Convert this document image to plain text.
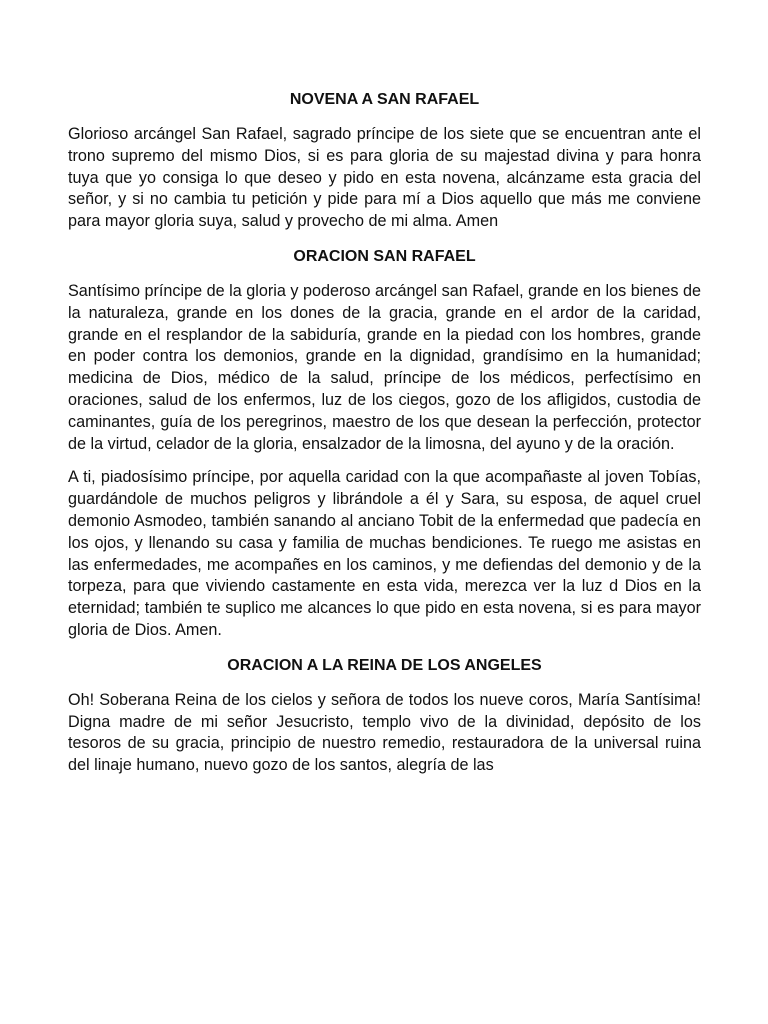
NOVENA A SAN RAFAEL

Glorioso arcángel San Rafael, sagrado príncipe de los siete que se encuentran ante el trono supremo del mismo Dios, si es para gloria de su majestad divina y para honra tuya que yo consiga lo que deseo y pido en esta novena, alcánzame esta gracia del señor, y si no cambia tu petición y pide para mí a Dios aquello que más me conviene para mayor gloria suya, salud y provecho de mi alma. Amen

ORACION SAN RAFAEL

Santísimo príncipe de la gloria y poderoso arcángel san Rafael, grande en los bienes de la naturaleza, grande en los dones de la gracia, grande en el ardor de la caridad, grande en el resplandor de la sabiduría, grande en la piedad con los hombres, grande en poder contra los demonios, grande en la dignidad, grandísimo en la humanidad; medicina de Dios, médico de la salud, príncipe de los médicos, perfectísimo en oraciones, salud de los enfermos, luz de los ciegos, gozo de los afligidos, custodia de caminantes, guía de los peregrinos, maestro de los que desean la perfección, protector de la virtud, celador de la gloria, ensalzador de la limosna, del ayuno y de la oración.

A ti, piadosísimo príncipe, por aquella caridad con la que acompañaste al joven Tobías, guardándole de muchos peligros y librándole a él y Sara, su esposa, de aquel cruel demonio Asmodeo, también sanando al anciano Tobit de la enfermedad que padecía en los ojos, y llenando su casa y familia de muchas bendiciones. Te ruego me asistas en las enfermedades, me acompañes en los caminos, y me defiendas del demonio y de la torpeza, para que viviendo castamente en esta vida, merezca ver la luz d Dios en la eternidad; también te suplico me alcances lo que pido en esta novena, si es para mayor gloria de Dios. Amen.

ORACION A LA REINA DE LOS ANGELES

Oh! Soberana Reina de los cielos y señora de todos los nueve coros, María Santísima! Digna madre de mi señor Jesucristo, templo vivo de la divinidad, depósito de los tesoros de su gracia, principio de nuestro remedio, restauradora de la universal ruina del linaje humano, nuevo gozo de los santos, alegría de las
